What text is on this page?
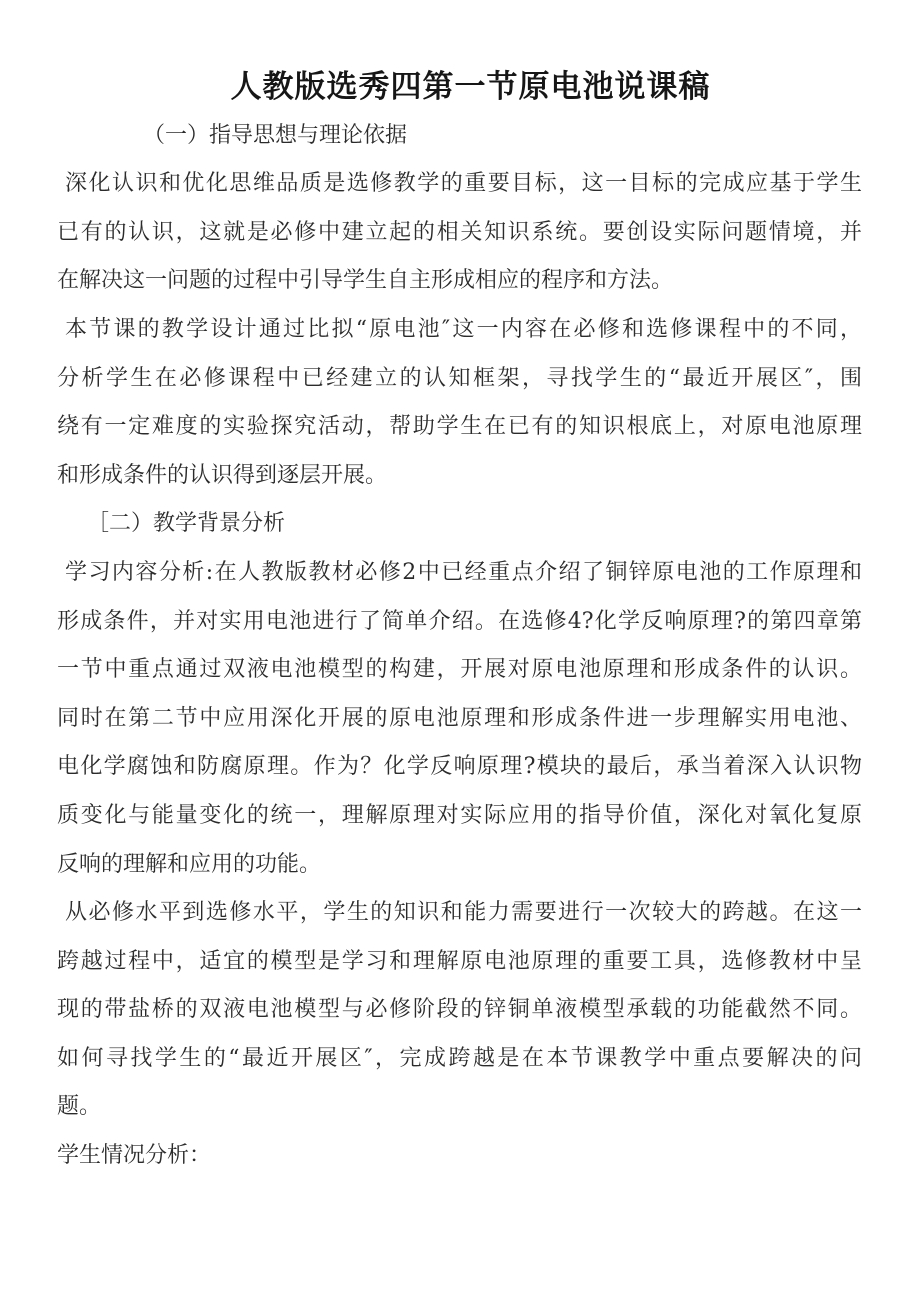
人教版选秀四第一节原电池说课稿
（一）指导思想与理论依据
深化认识和优化思维品质是选修教学的重要目标，这一目标的完成应基于学生
已有的认识，这就是必修中建立起的相关知识系统。要创设实际问题情境，并
在解决这一问题的过程中引导学生自主形成相应的程序和方法。
本节课的教学设计通过比拟“原电池″这一内容在必修和选修课程中的不同，
分析学生在必修课程中已经建立的认知框架，寻找学生的“最近开展区″，围
绕有一定难度的实验探究活动，帮助学生在已有的知识根底上，对原电池原理
和形成条件的认识得到逐层开展。
［二）教学背景分析
学习内容分析:在人教版教材必修2中已经重点介绍了铜锌原电池的工作原理和
形成条件，并对实用电池进行了简单介绍。在选修4?化学反响原理?的第四章第
一节中重点通过双液电池模型的构建，开展对原电池原理和形成条件的认识。
同时在第二节中应用深化开展的原电池原理和形成条件进一步理解实用电池、
电化学腐蚀和防腐原理。作为？化学反响原理?模块的最后，承当着深入认识物
质变化与能量变化的统一，理解原理对实际应用的指导价值，深化对氧化复原
反响的理解和应用的功能。
从必修水平到选修水平，学生的知识和能力需要进行一次较大的跨越。在这一
跨越过程中，适宜的模型是学习和理解原电池原理的重要工具，选修教材中呈
现的带盐桥的双液电池模型与必修阶段的锌铜单液模型承载的功能截然不同。
如何寻找学生的“最近开展区″，完成跨越是在本节课教学中重点要解决的问
题。
学生情况分析：
